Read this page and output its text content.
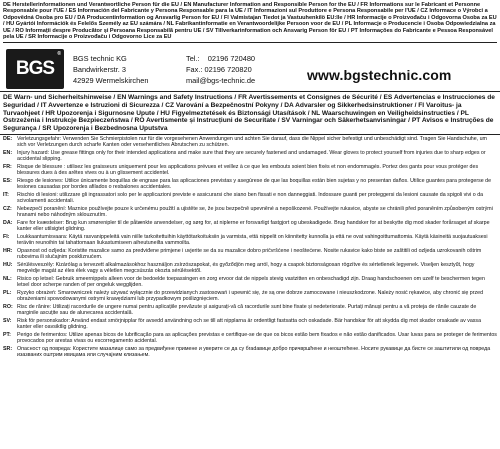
DE Herstellerinformationen und Verantwortliche Person für die EU / EN Manufacturer Information and Responsible Person for the EU / FR Informations sur le Fabricant et Personne Responsable pour l'UE / ES Información del Fabricante y Persona Responsable para la UE / IT Informazioni sul Produttore e Persona Responsabile per l'UE / CZ Informace o Výrobci a Odpovědná Osoba pro EU / DA Producentinformation og Ansvarlig Person for EU / FI Valmistajan Tiedot ja Vastuuhenkilö EU:lle / HR Informacije o Proizvođaču i Odgovorna Osoba za EU / HU Gyártói Információk és Felelős Személy az EU számára / NL Fabrikantinformatie en Verantwoordelijke Persoon voor de EU / PL Informacje o Producencie i Osoba Odpowiedzialna za UE / RO Informații despre Producător și Persoana Responsabilă pentru UE / SV Tillverkarinformation och Ansvarig Person för EU / PT Informações do Fabricante e Pessoa Responsável pela UE / SR Informacije o Proizvođaču i Odgovorno Lice za EU
BGS
® BGS technic KG
Bandwirkerstr. 3
42929 Wermelskirchen
Tel.:    02196 720480
Fax.: 02196 720820
mail@bgs-technic.de	www.bgstechnic.com
DE Warn- und Sicherheitshinweise / EN Warnings and Safety Instructions / FR Avertissements et Consignes de Sécurité / ES Advertencias e Instrucciones de Seguridad / IT Avvertenze e Istruzioni di Sicurezza / CZ Varování a Bezpečnostní Pokyny / DA Advarsler og Sikkerhedsinstruktioner / FI Varoitus- ja Turvaohjeet / HR Upozorenja i Sigurnosne Upute / HU Figyelmeztetések és Biztonsági Utasítások / NL Waarschuwingen en Veiligheidsinstructies / PL Ostrzeżenia i Instrukcje Bezpieczeństwa / RO Avertismente și Instrucțiuni de Securitate / SV Varningar och Säkerhetsanvisningar / PT Avisos e Instruções de Segurança / SR Upozorenja i Bezbednosna Uputstva
DE: Verletzungsgefahr: Verwenden Sie Schmierpistolen nur für die vorgesehenen Anwendungen und achten Sie darauf, dass die Nippel sicher befestigt und unbeschädigt sind. Tragen Sie Handschuhe, um sich vor Verletzungen durch scharfe Kanten oder versehentliches Abrutschen zu schützen.
EN: Injury hazard: Use grease fittings only for their intended applications and make sure that they are securely fastened and undamaged. Wear gloves to protect yourself from injuries due to sharp edges or accidental slipping.
FR: Risque de blessure : utilisez les graisseurs uniquement pour les applications prévues et veillez à ce que les embouts soient bien fixés et non endommagés. Portez des gants pour vous protéger des blessures dues à des arêtes vives ou à un glissement accidentel.
ES: Riesgo de lesiones: Utilice únicamente boquillas de engrase para las aplicaciones previstas y asegúrese de que las boquillas están bien sujetas y no presentan daños. Utilice guantes para protegerse de lesiones causadas por bordes afilados o resbalones accidentales.
IT:	Rischio di lesioni: utilizzare gli ingrassatori solo per le applicazioni previste e assicurarsi che siano ben fissati e non danneggiati. Indossare guanti per proteggersi da lesioni causate da spigoli vivi o da scivolamenti accidentali.
CZ: Nebezpečí poranění: Maznice používejte pouze k určenému použití a ujistěte se, že jsou bezpečně upevněné a nepoškozené. Používejte rukavice, abyste se chránili před poraněním způsobeným ostrými hranami nebo náhodným sklouznutím.
DA: Fare for kvæstelser: Brug kun smørenipler til de påtænkte anvendelser, og sørg for, at niplerne er forsvarligt fastgjort og ubeskadigede. Brug handsker for at beskytte dig mod skader forårsaget af skarpe kanter eller utilsigtet glidning.
FI:	Loukkaantumisvaara: Käytä rasvanippeleitä vain niille tarkoitettuihin käyttötarkoituksiin ja varmista, että nippelit on kiinnitetty kunnolla ja että ne ovat vahingoittumattomia. Käytä käsineitä suojautuaksesi teräviin reunoihin tai tahattomaan liukastumiseen aiheutuneilta vammoilta.
HR: Opasnost od ozljeda: Koristite mazalice samo za predviđene primjene i uvjerite se da su mazalice dobro pričvršćene i neoštećene. Nosite rukavice kako biste se zaštitili od ozljeda uzrokovanih oštrim rubovima ili slučajnim poskliznućem.
HU: Sérülésveszély: Kizárólag a tervezett alkalmazásokhoz használjon zsírzószapokat, és győződjön meg arról, hogy a csapok biztonságosan rögzítve és sértetlenek legyenek. Viseljen kesztyűt, hogy megvédje magát az éles élek vagy a véletlen megcsúszás okozta sérülésektől.
NL: Risico op letsel: Gebruik smeernippels alleen voor de bedoelde toepassingen en zorg ervoor dat de nippels stevig vastzitten en onbeschadigd zijn. Draag handschoenen om uzelf te beschermen tegen letsel door scherpe randen of per ongeluk wegglijden.
PL:	Ryzyko obrażeń: Smarowniczek należy używać wyłącznie do przewidzianych zastosowań i upewnić się, że są one dobrze zamocowane i nieuszkodzone. Należy nosić rękawice, aby chronić się przed obrażeniami spowodowanymi ostrymi krawędziami lub przypadkowym poślizgnięciem.
RO: Risc de rănire: Utilizați racordurile de ungere numai pentru aplicațiile prevăzute și asigurați-vă că racordurile sunt bine fixate și nedeteriorate. Purtați mănuși pentru a vă proteja de rănile cauzate de marginile ascuțite sau de alunecarea accidentală.
SV:	Risk för personskador: Använd endast smörjnipplar för avsedd användning och se till att nipplarna är ordentligt fastsatta och oskadade. Bär handskar för att skydda dig mot skador orsakade av vassa kanter eller oavsiktlig glidning.
PT:	Perigo de ferimentos: Utilize apenas bicos de lubrificação para as aplicações previstas e certifique-se de que os bicos estão bem fixados e não estão danificados. Usar luvas para se proteger de ferimentos provocados por arestas vivas ou escorregamento acidental.
SR: Опасност од повреда: Користите мазалице само за предвиђене примене и уверите се да су бradавице добро причвршћене и неоштећене. Носите рукавице да бисте се заштитили од повреда изазваних оштрим ивицама или случајним клизањем.
